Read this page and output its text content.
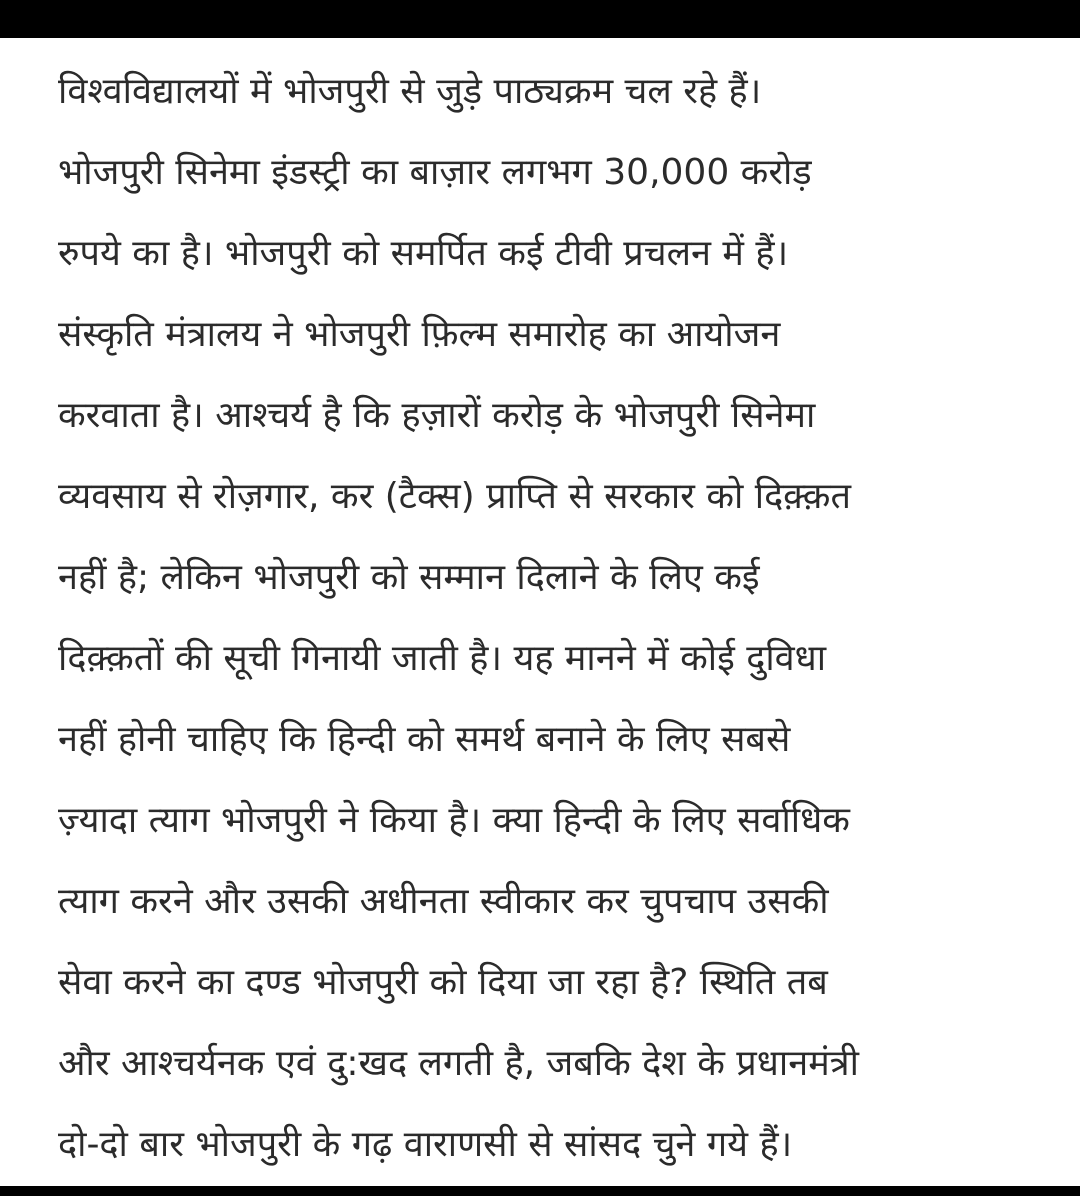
विश्वविद्यालयों में भोजपुरी से जुड़े पाठ्यक्रम चल रहे हैं।
भोजपुरी सिनेमा इंडस्ट्री का बाज़ार लगभग 30,000 करोड़
रुपये का है। भोजपुरी को समर्पित कई टीवी प्रचलन में हैं।
संस्कृति मंत्रालय ने भोजपुरी फ़िल्म समारोह का आयोजन
करवाता है। आश्चर्य है कि हज़ारों करोड़ के भोजपुरी सिनेमा
व्यवसाय से रोज़गार, कर (टैक्स) प्राप्ति से सरकार को दिक़्क़त
नहीं है; लेकिन भोजपुरी को सम्मान दिलाने के लिए कई
दिक़्क़तों की सूची गिनायी जाती है। यह मानने में कोई दुविधा
नहीं होनी चाहिए कि हिन्दी को समर्थ बनाने के लिए सबसे
ज़्यादा त्याग भोजपुरी ने किया है। क्या हिन्दी के लिए सर्वाधिक
त्याग करने और उसकी अधीनता स्वीकार कर चुपचाप उसकी
सेवा करने का दण्ड भोजपुरी को दिया जा रहा है? स्थिति तब
और आश्चर्यनक एवं दु:खद लगती है, जबकि देश के प्रधानमंत्री
दो-दो बार भोजपुरी के गढ़ वाराणसी से सांसद चुने गये हैं।
